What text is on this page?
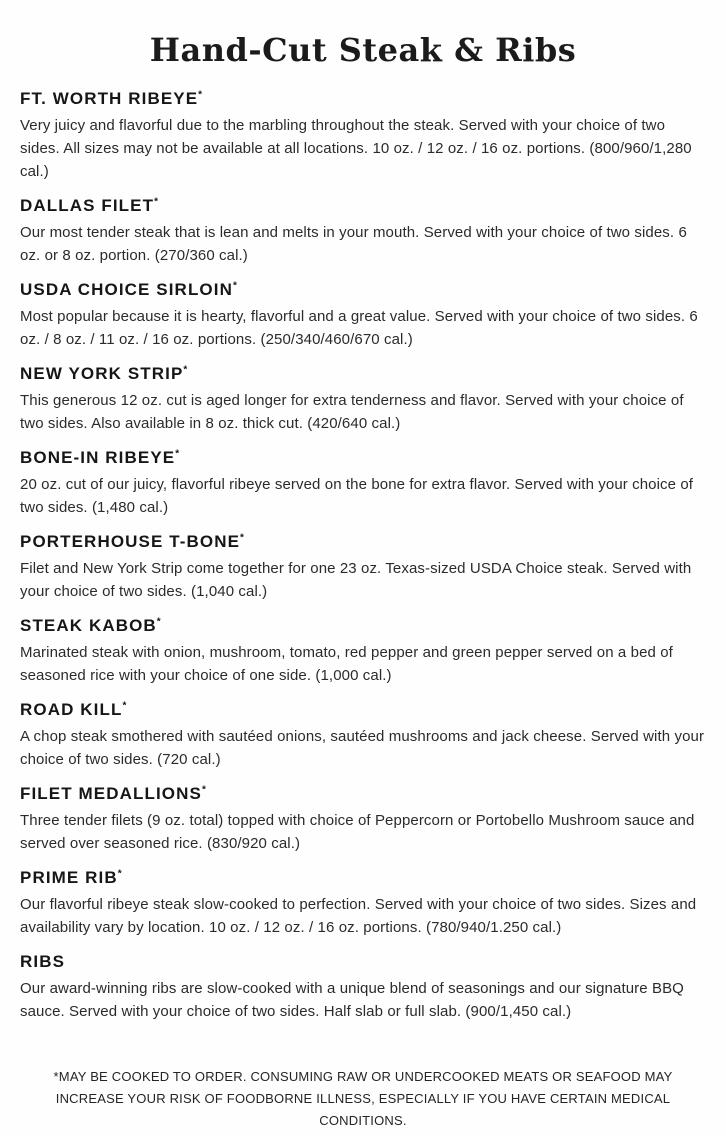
Hand-Cut Steak & Ribs
FT. WORTH RIBEYE*

Very juicy and flavorful due to the marbling throughout the steak. Served with your choice of two sides. All sizes may not be available at all locations. 10 oz. / 12 oz. / 16 oz. portions. (800/960/1,280 cal.)

DALLAS FILET*

Our most tender steak that is lean and melts in your mouth. Served with your choice of two sides. 6 oz. or 8 oz. portion. (270/360 cal.)

USDA CHOICE SIRLOIN*

Most popular because it is hearty, flavorful and a great value. Served with your choice of two sides. 6 oz. / 8 oz. / 11 oz. / 16 oz. portions. (250/340/460/670 cal.)

NEW YORK STRIP*

This generous 12 oz. cut is aged longer for extra tenderness and flavor. Served with your choice of two sides. Also available in 8 oz. thick cut. (420/640 cal.)

BONE-IN RIBEYE*

20 oz. cut of our juicy, flavorful ribeye served on the bone for extra flavor. Served with your choice of two sides. (1,480 cal.)

PORTERHOUSE T-BONE*

Filet and New York Strip come together for one 23 oz. Texas-sized USDA Choice steak. Served with your choice of two sides. (1,040 cal.)

STEAK KABOB*

Marinated steak with onion, mushroom, tomato, red pepper and green pepper served on a bed of seasoned rice with your choice of one side. (1,000 cal.)

ROAD KILL*

A chop steak smothered with sautéed onions, sautéed mushrooms and jack cheese. Served with your choice of two sides. (720 cal.)

FILET MEDALLIONS*

Three tender filets (9 oz. total) topped with choice of Peppercorn or Portobello Mushroom sauce and served over seasoned rice. (830/920 cal.)

PRIME RIB*

Our flavorful ribeye steak slow-cooked to perfection. Served with your choice of two sides. Sizes and availability vary by location. 10 oz. / 12 oz. / 16 oz. portions. (780/940/1.250 cal.)

RIBS

Our award-winning ribs are slow-cooked with a unique blend of seasonings and our signature BBQ sauce. Served with your choice of two sides. Half slab or full slab. (900/1,450 cal.)

*MAY BE COOKED TO ORDER. CONSUMING RAW OR UNDERCOOKED MEATS OR SEAFOOD MAY INCREASE YOUR RISK OF FOODBORNE ILLNESS, ESPECIALLY IF YOU HAVE CERTAIN MEDICAL CONDITIONS.
